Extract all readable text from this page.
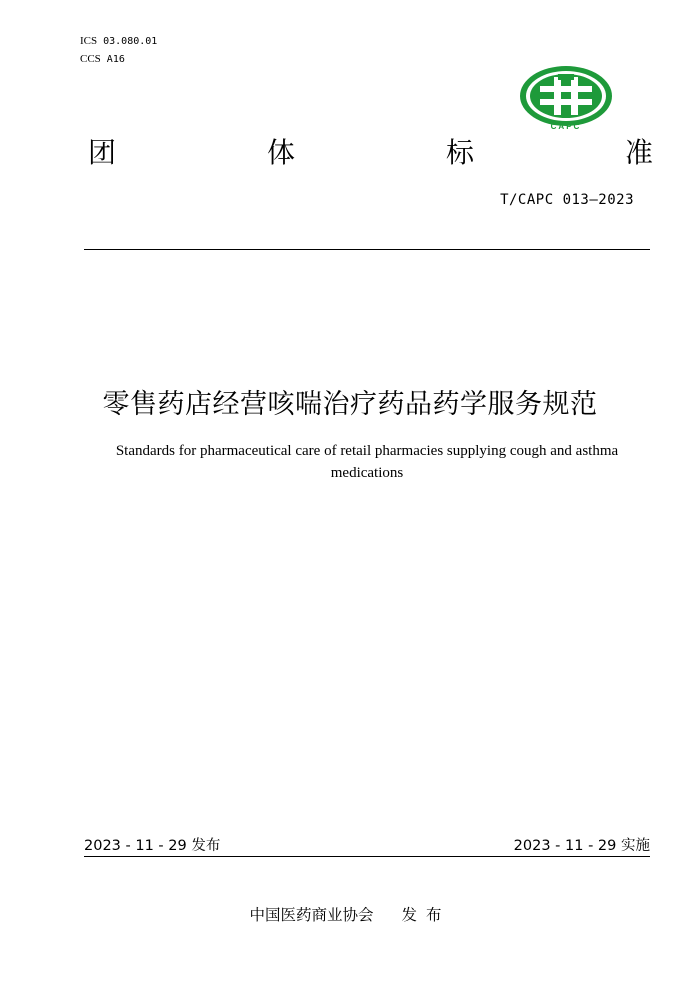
ICS 03.080.01
CCS A16
CAPC
团	体	标	准
T/CAPC 013—2023
零售药店经营咳喘治疗药品药学服务规范
Standards for pharmaceutical care of retail pharmacies supplying cough and asthma medications
2023 - 11 - 29 发布	2023 - 11 - 29 实施
中国医药商业协会 发布
